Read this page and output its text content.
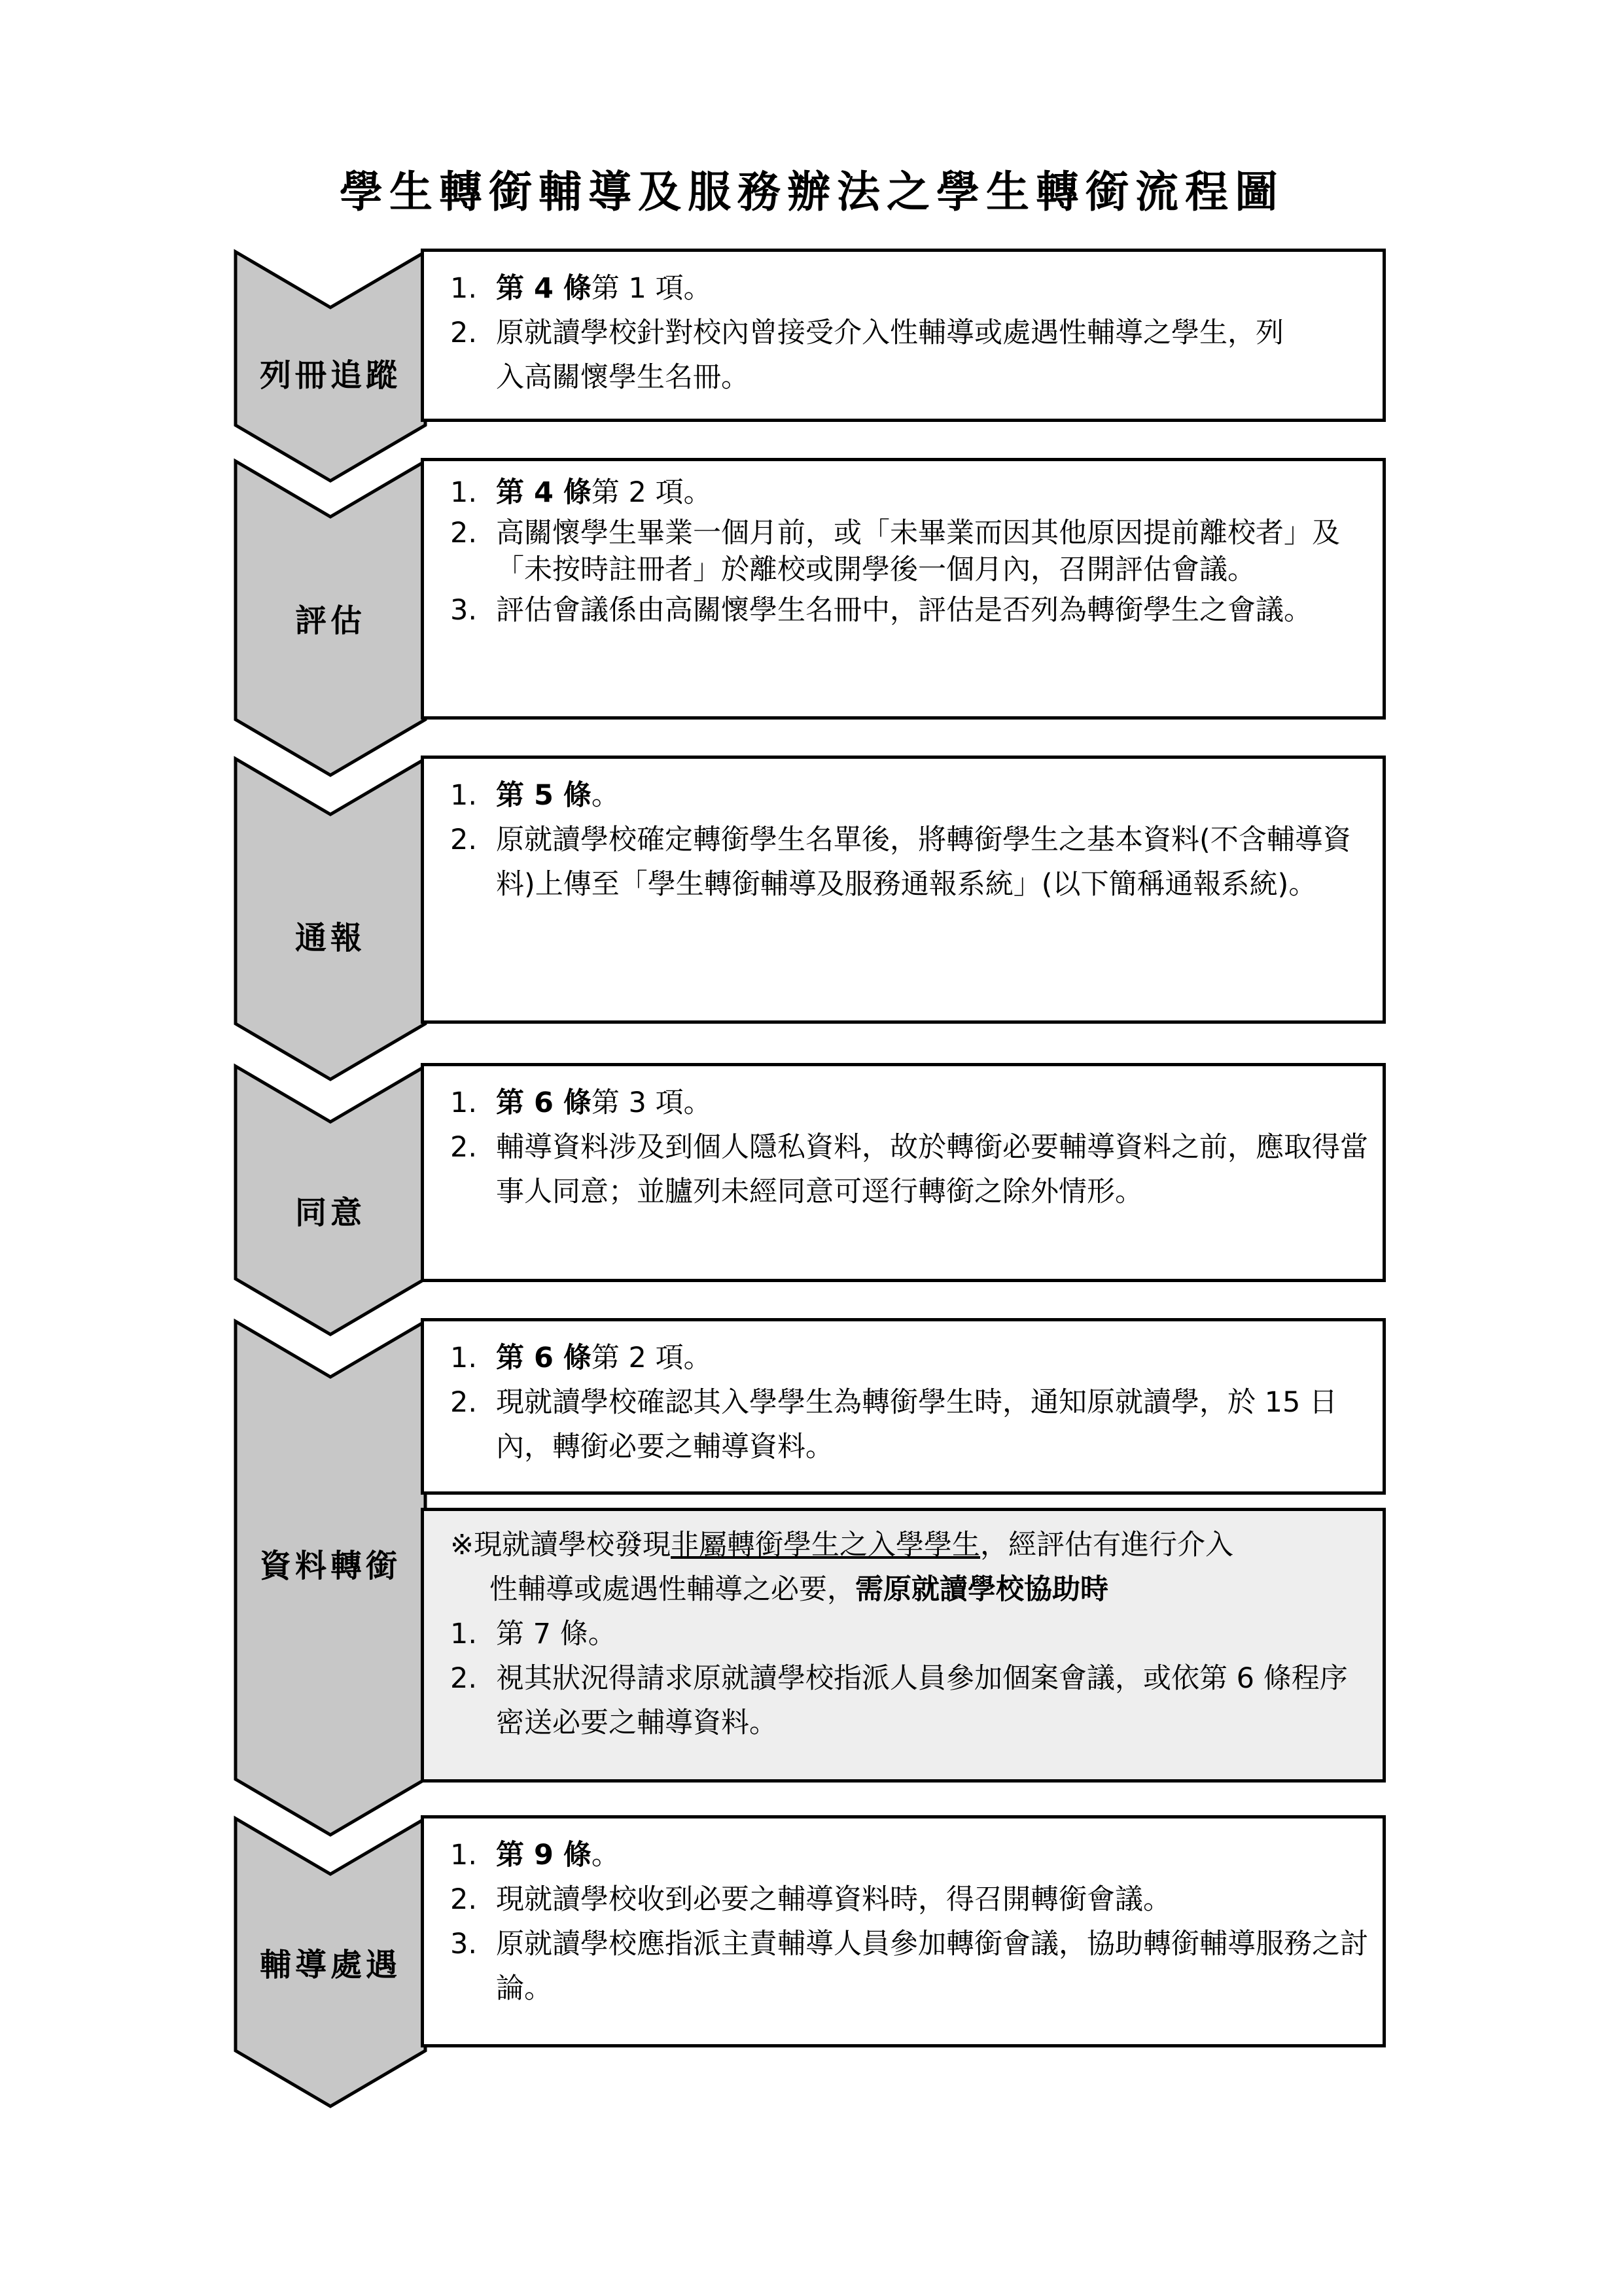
學生轉銜輔導及服務辦法之學生轉銜流程圖
列冊追蹤
評估
通報
同意
資料轉銜
輔導處遇
1. 第 4 條第 1 項。
2. 原就讀學校針對校內曾接受介入性輔導或處遇性輔導之學生，列入高關懷學生名冊。
1. 第 4 條第 2 項。
2. 高關懷學生畢業一個月前，或「未畢業而因其他原因提前離校者」及「未按時註冊者」於離校或開學後一個月內，召開評估會議。
3. 評估會議係由高關懷學生名冊中，評估是否列為轉銜學生之會議。
1. 第 5 條。
2. 原就讀學校確定轉銜學生名單後，將轉銜學生之基本資料(不含輔導資料)上傳至「學生轉銜輔導及服務通報系統」(以下簡稱通報系統)。
1. 第 6 條第 3 項。
2. 輔導資料涉及到個人隱私資料，故於轉銜必要輔導資料之前，應取得當事人同意；並臚列未經同意可逕行轉銜之除外情形。
1. 第 6 條第 2 項。
2. 現就讀學校確認其入學學生為轉銜學生時，通知原就讀學，於 15 日內，轉銜必要之輔導資料。
※現就讀學校發現非屬轉銜學生之入學學生，經評估有進行介入
性輔導或處遇性輔導之必要，需原就讀學校協助時
1. 第 7 條。
2. 視其狀況得請求原就讀學校指派人員參加個案會議，或依第 6 條程序密送必要之輔導資料。
1. 第 9 條。
2. 現就讀學校收到必要之輔導資料時，得召開轉銜會議。
3. 原就讀學校應指派主責輔導人員參加轉銜會議，協助轉銜輔導服務之討論。
